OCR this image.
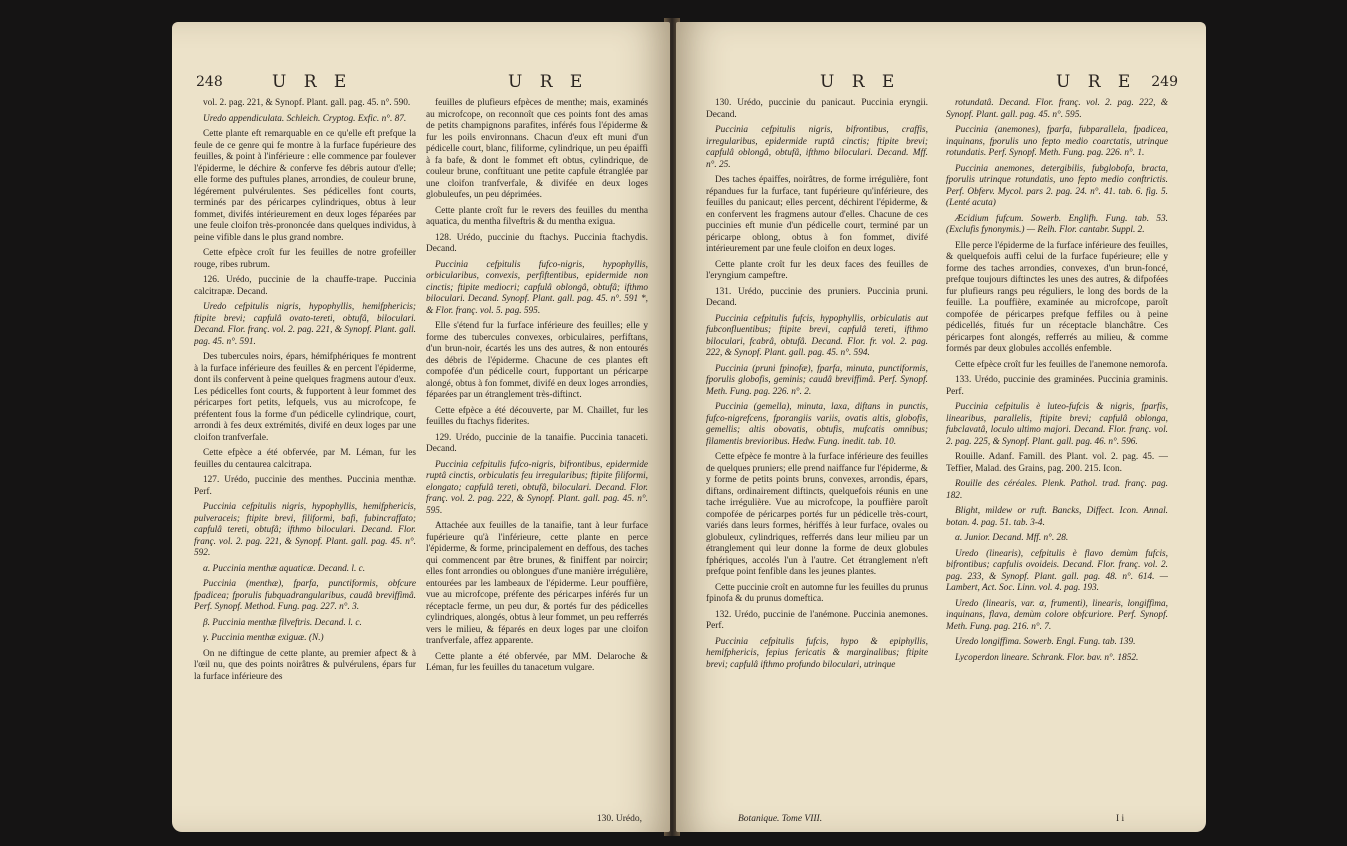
248	U R E	U R E

vol. 2. pag. 221, & Synopf. Plant. gall. pag. 45. n°. 590.

Uredo appendiculata. Schleich. Cryptog. Exfic. n°. 87.

Cette plante eft remarquable en ce qu'elle eft prefque la feule de ce genre qui fe montre à la furface fupérieure des feuilles, & point à l'inférieure : elle commence par foulever l'épiderme, le déchire & conferve fes débris autour d'elle; elle forme des puftules planes, arrondies, de couleur brune, légérement pulvérulentes. Ses pédicelles font courts, terminés par des péricarpes cylindriques, obtus à leur fommet, divifés intérieurement en deux loges féparées par une feule cloifon très-prononcée dans quelques individus, à peine vifible dans le plus grand nombre.

Cette efpèce croît fur les feuilles de notre grofeiller rouge, ribes rubrum.

126. Urédo, puccinie de la chauffe-trape. Puccinia calcitrapæ. Decand.

Uredo cefpitulis nigris, hypophyllis, hemifphericis; ftipite brevi; capfulâ ovato-tereti, obtufâ, biloculari. Decand. Flor. franç. vol. 2. pag. 221, & Synopf. Plant. gall. pag. 45. n°. 591.

Des tubercules noirs, épars, hémifphériques fe montrent à la furface inférieure des feuilles & en percent l'épiderme, dont ils confervent à peine quelques fragmens autour d'eux. Les pédicelles font courts, & fupportent à leur fommet des péricarpes fort petits, lefquels, vus au microfcope, fe préfentent fous la forme d'un pédicelle cylindrique, court, arrondi à fes deux extrémités, divifé en deux loges par une cloifon tranfverfale.

Cette efpèce a été obfervée, par M. Léman, fur les feuilles du centaurea calcitrapa.

127. Urédo, puccinie des menthes. Puccinia menthæ. Perf.

Puccinia cefpitulis nigris, hypophyllis, hemifphericis, pulveraceis; ftipite brevi, filiformi, bafi, fubincraffato; capfulâ tereti, obtufâ; ifthmo biloculari. Decand. Flor. franç. vol. 2. pag. 221, & Synopf. Plant. gall. pag. 45. n°. 592.

α. Puccinia menthæ aquaticæ. Decand. l. c.

Puccinia (menthæ), fparfa, punctiformis, obfcure fpadicea; fporulis fubquadrangularibus, caudâ breviffimâ. Perf. Synopf. Method. Fung. pag. 227. n°. 3.

β. Puccinia menthæ filveftris. Decand. l. c.

γ. Puccinia menthæ exiguæ. (N.)

On ne diftingue de cette plante, au premier afpect & à l'œil nu, que des points noirâtres & pulvérulens, épars fur la furface inférieure des

feuilles de plufieurs efpèces de menthe; mais, examinés au microfcope, on reconnoît que ces points font des amas de petits champignons parafites, inférés fous l'épiderme & fur les poils environnans. Chacun d'eux eft muni d'un pédicelle court, blanc, filiforme, cylindrique, un peu épaiffi à fa bafe, & dont le fommet eft obtus, cylindrique, de couleur brune, conftituant une petite capfule étranglée par une cloifon tranfverfale, & divifée en deux loges globuleufes, un peu déprimées.

Cette plante croît fur le revers des feuilles du mentha aquatica, du mentha filveftris & du mentha exigua.

128. Urédo, puccinie du ftachys. Puccinia ftachydis. Decand.

Puccinia cefpitulis fufco-nigris, hypophyllis, orbicularibus, convexis, perfiftentibus, epidermide non cinctis; ftipite mediocri; capfulâ oblongâ, obtufâ; ifthmo biloculari. Decand. Synopf. Plant. gall. pag. 45. n°. 591 *, & Flor. franç. vol. 5. pag. 595.

Elle s'étend fur la furface inférieure des feuilles; elle y forme des tubercules convexes, orbiculaires, perfiftans, d'un brun-noir, écartés les uns des autres, & non entourés des débris de l'épiderme. Chacune de ces plantes eft compofée d'un pédicelle court, fupportant un péricarpe alongé, obtus à fon fommet, divifé en deux loges arrondies, féparées par un étranglement très-diftinct.

Cette efpèce a été découverte, par M. Chaillet, fur les feuilles du ftachys fiderites.

129. Urédo, puccinie de la tanaifie. Puccinia tanaceti. Decand.

Puccinia cefpitulis fufco-nigris, bifrontibus, epidermide ruptâ cinctis, orbiculatis feu irregularibus; ftipite filiformi, elongato; capfulâ tereti, obtufâ, biloculari. Decand. Flor. franç. vol. 2. pag. 222, & Synopf. Plant. gall. pag. 45. n°. 595.

Attachée aux feuilles de la tanaifie, tant à leur furface fupérieure qu'à l'inférieure, cette plante en perce l'épiderme, & forme, principalement en deffous, des taches qui commencent par être brunes, & finiffent par noircir; elles font arrondies ou oblongues d'une manière irrégulière, entourées par les lambeaux de l'épiderme. Leur pouffière, vue au microfcope, préfente des péricarpes inférés fur un réceptacle ferme, un peu dur, & portés fur des pédicelles cylindriques, alongés, obtus à leur fommet, un peu refferrés vers le milieu, & féparés en deux loges par une cloifon tranfverfale, affez apparente.

Cette plante a été obfervée, par MM. Delaroche & Léman, fur les feuilles du tanacetum vulgare.

130. Urédo,
U R E	U R E 249

130. Urédo, puccinie du panicaut. Puccinia eryngii. Decand.

Puccinia cefpitulis nigris, bifrontibus, craffis, irregularibus, epidermide ruptâ cinctis; ftipite brevi; capfulâ oblongâ, obtufâ, ifthmo biloculari. Decand. Mff. n°. 25.

Des taches épaiffes, noirâtres, de forme irrégulière, font répandues fur la furface, tant fupérieure qu'inférieure, des feuilles du panicaut; elles percent, déchirent l'épiderme, & en confervent les fragmens autour d'elles. Chacune de ces puccinies eft munie d'un pédicelle court, terminé par un péricarpe oblong, obtus à fon fommet, divifé intérieurement par une feule cloifon en deux loges.

Cette plante croît fur les deux faces des feuilles de l'eryngium campeftre.

131. Urédo, puccinie des pruniers. Puccinia pruni. Decand.

Puccinia cefpitulis fufcis, hypophyllis, orbiculatis aut fubconfluentibus; ftipite brevi, capfulâ tereti, ifthmo biloculari, fcabrâ, obtufâ. Decand. Flor. fr. vol. 2. pag. 222, & Synopf. Plant. gall. pag. 45. n°. 594.

Puccinia (pruni fpinofæ), fparfa, minuta, punctiformis, fporulis globofis, geminis; caudâ breviffimâ. Perf. Synopf. Meth. Fung. pag. 226. n°. 2.

Puccinia (gemella), minuta, laxa, diftans in punctis, fufco-nigrefcens, fporangiis variis, ovatis altis, globofis, gemellis; altis obovatis, obtufis, mufcatis omnibus; filamentis brevioribus. Hedw. Fung. inedit. tab. 10.

Cette efpèce fe montre à la furface inférieure des feuilles de quelques pruniers; elle prend naiffance fur l'épiderme, & y forme de petits points bruns, convexes, arrondis, épars, diftans, ordinairement diftincts, quelquefois réunis en une tache irrégulière. Vue au microfcope, la pouffière paroît compofée de péricarpes portés fur un pédicelle très-court, variés dans leurs formes, hériffés à leur furface, ovales ou globuleux, cylindriques, refferrés dans leur milieu par un étranglement qui leur donne la forme de deux globules fphériques, accolés l'un à l'autre. Cet étranglement n'eft prefque point fenfible dans les jeunes plantes.

Cette puccinie croît en automne fur les feuilles du prunus fpinofa & du prunus domeftica.

132. Urédo, puccinie de l'anémone. Puccinia anemones. Perf.

Puccinia cefpitulis fufcis, hypo & epiphyllis, hemifphericis, fepius fericatis & marginalibus; ftipite brevi; capfulâ ifthmo profundo biloculari, utrinque

rotundatâ. Decand. Flor. franç. vol. 2. pag. 222, & Synopf. Plant. gall. pag. 45. n°. 595.

Puccinia (anemones), fparfa, fubparallela, fpadicea, inquinans, fporulis uno fepto medio coarctatis, utrinque rotundatis. Perf. Synopf. Meth. Fung. pag. 226. n°. 1.

Puccinia anemones, detergibilis, fubglobofa, bracta, fporulis utrinque rotundatis, uno fepto medio conftrictis. Perf. Obferv. Mycol. pars 2. pag. 24. n°. 41. tab. 6. fig. 5. (Lenté acuta)

Æcidium fufcum. Sowerb. Englifh. Fung. tab. 53. (Exclufis fynonymis.) — Relh. Flor. cantabr. Suppl. 2.

Elle perce l'épiderme de la furface inférieure des feuilles, & quelquefois auffi celui de la furface fupérieure; elle y forme des taches arrondies, convexes, d'un brun-foncé, prefque toujours diftinctes les unes des autres, & difpofées fur plufieurs rangs peu réguliers, le long des bords de la feuille. La pouffière, examinée au microfcope, paroît compofée de péricarpes prefque feffiles ou à peine pédicellés, fitués fur un réceptacle blanchâtre. Ces péricarpes font alongés, refferrés au milieu, & comme formés par deux globules accollés enfemble.

Cette efpèce croît fur les feuilles de l'anemone nemorofa.

133. Urédo, puccinie des graminées. Puccinia graminis. Perf.

Puccinia cefpitulis è luteo-fufcis & nigris, fparfis, linearibus, parallelis, ftipite brevi; capfulâ oblonga, fubclavatâ, loculo ultimo majori. Decand. Flor. franç. vol. 2. pag. 225, & Synopf. Plant. gall. pag. 46. n°. 596.

Rouille. Adanf. Famill. des Plant. vol. 2. pag. 45. — Teffier, Malad. des Grains, pag. 200. 215. Icon.

Rouille des céréales. Plenk. Pathol. trad. franç. pag. 182.

Blight, mildew or ruft. Bancks, Diffect. Icon. Annal. botan. 4. pag. 51. tab. 3-4.

α. Junior. Decand. Mff. n°. 28.

Uredo (linearis), cefpitulis è flavo demùm fufcis, bifrontibus; capfulis ovoideis. Decand. Flor. franç. vol. 2. pag. 233, & Synopf. Plant. gall. pag. 48. n°. 614. — Lambert, Act. Soc. Linn. vol. 4. pag. 193.

Uredo (linearis, var. α, frumenti), linearis, longiffima, inquinans, flava, demùm colore obfcuriore. Perf. Synopf. Meth. Fung. pag. 216. n°. 7.

Uredo longiffima. Sowerb. Engl. Fung. tab. 139.

Lycoperdon lineare. Schrank. Flor. bav. n°. 1852.

Botanique. Tome VIII.	I i
